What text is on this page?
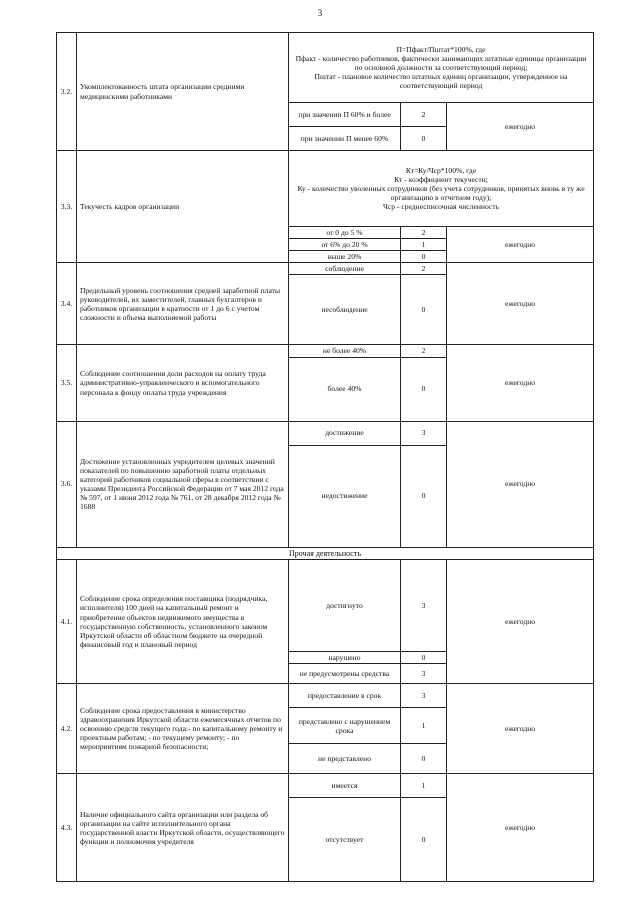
3
3.2.	Укомплектованность штата организации средними медицинскими работниками	П=Пфакт/Пштат*100%, где
Пфакт - количество работников, фактически занимающих штатные единицы организации по основной должности за соответствующий период;
Пштат - плановое количество штатных единиц организации, утвержденное на соответствующий период		

		при значении П 60% и более	2	ежегодно
		при значении П менее 60%	0	
3.3.	Текучесть кадров организации	Кт=Ку/Чср*100%, где
Кт - коэффициент текучести;
Ку - количество уволенных сотрудников (без учета сотрудников, принятых вновь в ту же организацию в отчетном году);
Чср - среднесписочная численность		

		от 0 до 5 %	2	ежегодно
		от 6% до 20 %	1	
		выше 20%	0	
3.4.	Предельный уровень соотношения средней заработной платы руководителей, их заместителей, главных бухгалтеров и работников организации в кратности от 1 до 6 с учетом сложности и объема выполняемой работы	соблюдение	2	ежегодно
		несоблюдение	0	
3.5.	Соблюдение соотношения доли расходов на оплату труда административно-управленческого и вспомогательного персонала к фонду оплаты труда учреждения	не более 40%	2	ежегодно
		более 40%	0	
3.6.	Достижение установленных учредителем целевых значений показателей по повышению заработной платы отдельных категорий работников социальной сферы в соответствии с указами Президента Российской Федерации от 7 мая 2012 года № 597, от 1 июня 2012 года № 761, от 28 декабря 2012 года № 1688	достижение	3	ежегодно
		недостижение	0	
Прочая деятельность				
4.1.	Соблюдение срока определения поставщика (подрядчика, исполнителя) 100 дней на капитальный ремонт и приобретение объектов недвижимого имущества в государственную собственность, установленного законом Иркутской области об областном бюджете на очередной финансовый год и плановый период	достигнуто	3	ежегодно
		нарушено	0	
		не предусмотрены средства	3	
4.2.	Соблюдение срока предоставления в министерство здравоохранения Иркутской области ежемесячных отчетов по освоению средств текущего года:- по капитальному ремонту и проектным работам; - по текущему ремонту; - по мероприятиям пожарной безопасности;	предоставление в срок	3	ежегодно
		представлено с нарушением срока	1	
		не представлено	0	
4.3.	Наличие официального сайта организации или раздела об организации на сайте исполнительного органа государственной власти Иркутской области, осуществляющего функции и полномочия учредителя	имеется	1	ежегодно
		отсутствует	0	
